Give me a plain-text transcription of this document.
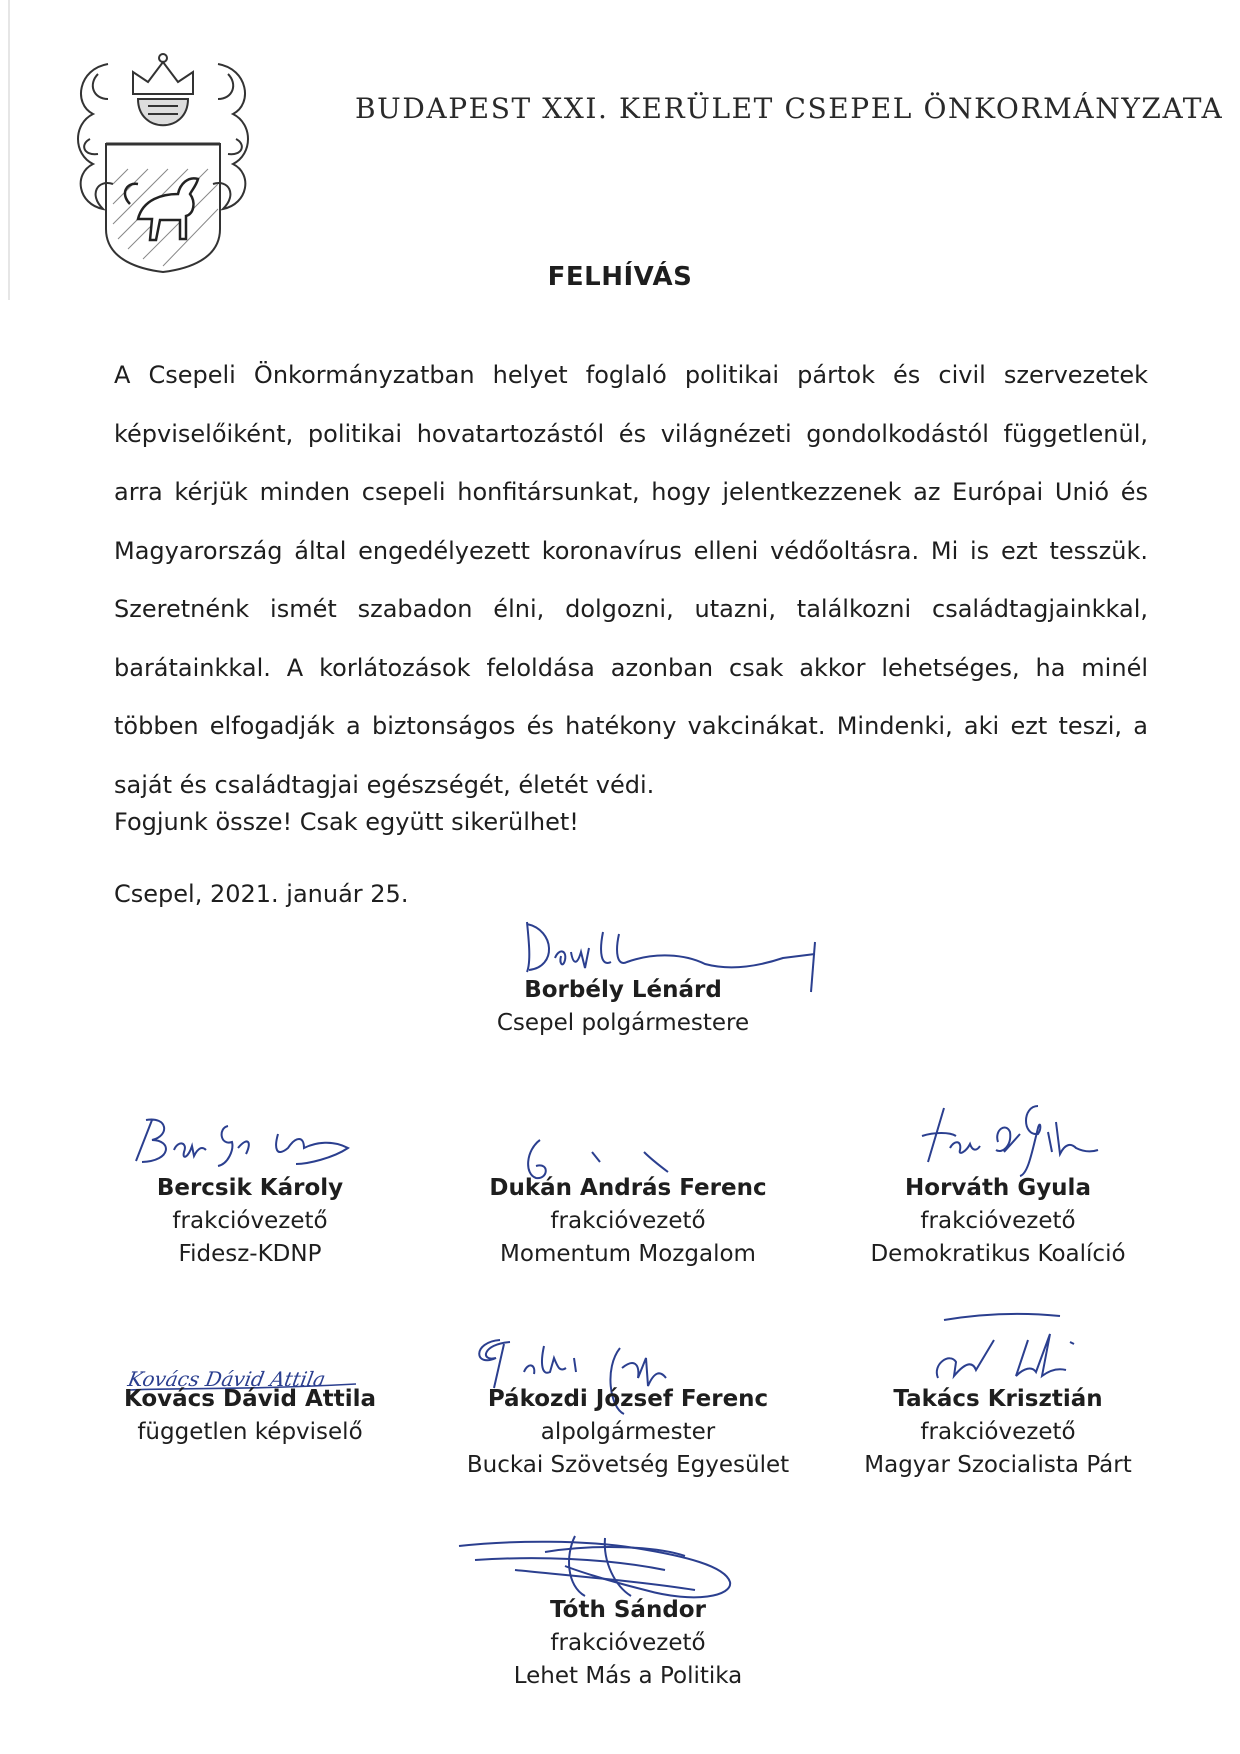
BUDAPEST XXI. KERÜLET CSEPEL ÖNKORMÁNYZATA
FELHÍVÁS

A Csepeli Önkormányzatban helyet foglaló politikai pártok és civil szervezetek képviselőiként, politikai hovatartozástól és világnézeti gondolkodástól függetlenül, arra kérjük minden csepeli honfitársunkat, hogy jelentkezzenek az Európai Unió és Magyarország által engedélyezett koronavírus elleni védőoltásra. Mi is ezt tesszük. Szeretnénk ismét szabadon élni, dolgozni, utazni, találkozni családtagjainkkal, barátainkkal. A korlátozások feloldása azonban csak akkor lehetséges, ha minél többen elfogadják a biztonságos és hatékony vakcinákat. Mindenki, aki ezt teszi, a saját és családtagjai egészségét, életét védi.

Fogjunk össze! Csak együtt sikerülhet!

Csepel, 2021. január 25.

Borbély Lénárd
Csepel polgármestere
Bercsik Károly
frakcióvezető
Fidesz-KDNP
Dukán András Ferenc
frakcióvezető
Momentum Mozgalom
Horváth Gyula
frakcióvezető
Demokratikus Koalíció
Kovács Dávid Attila
Kovács Dávid Attila
független képviselő
Pákozdi József Ferenc
alpolgármester
Buckai Szövetség Egyesület
Takács Krisztián
frakcióvezető
Magyar Szocialista Párt
Tóth Sándor
frakcióvezető
Lehet Más a Politika
